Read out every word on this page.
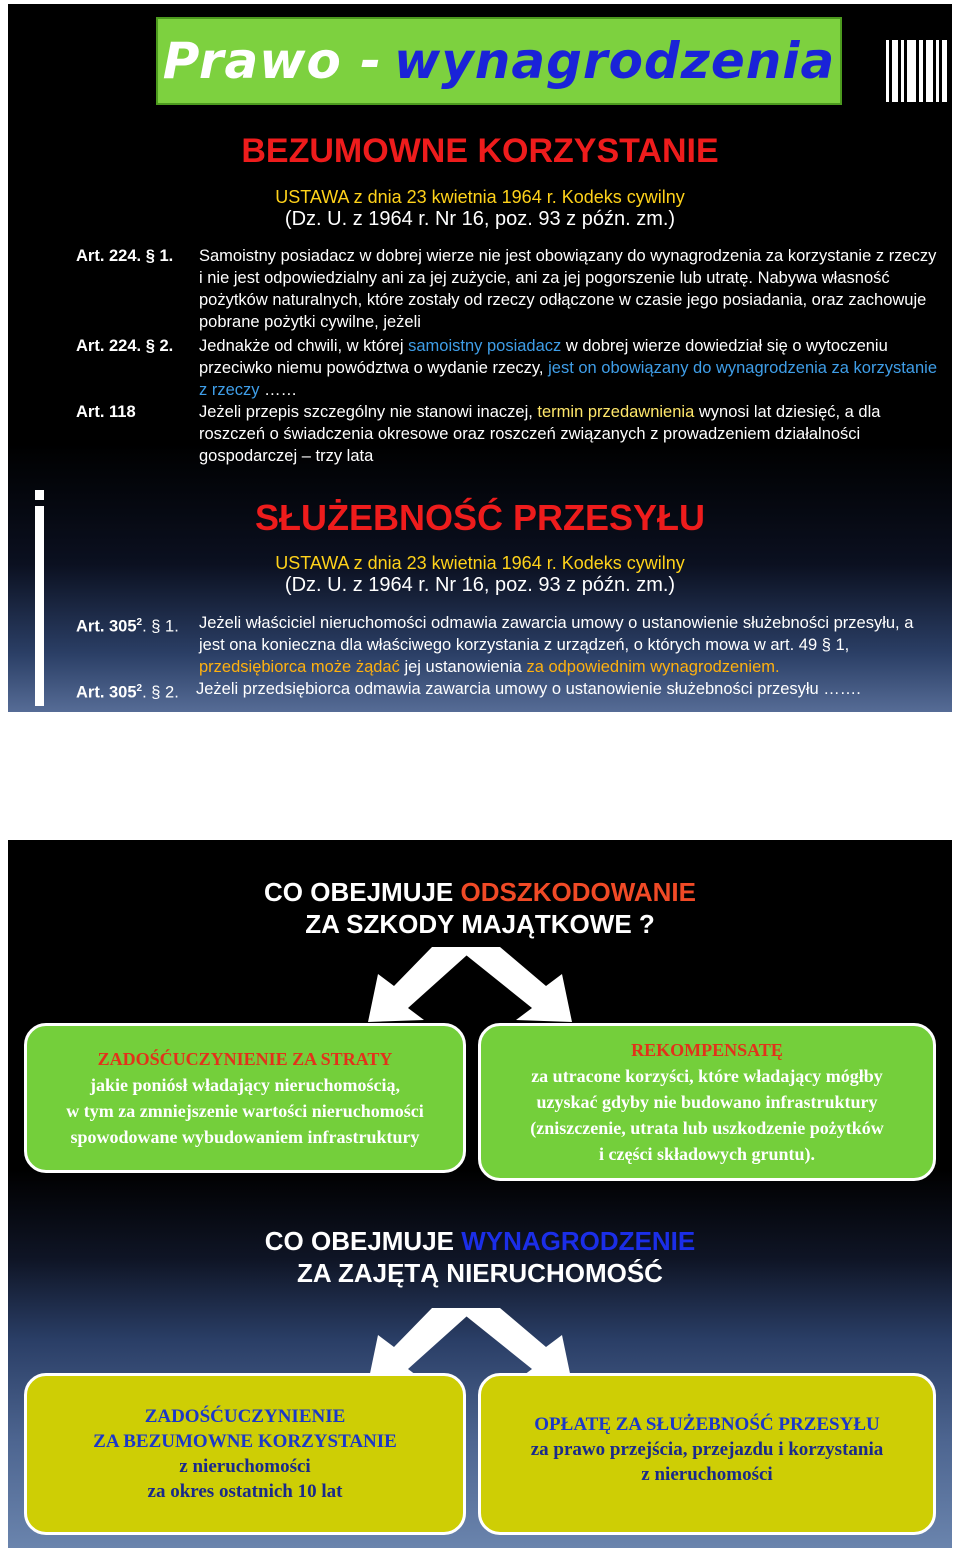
Prawo - wynagrodzenia
BEZUMOWNE KORZYSTANIE
USTAWA z dnia 23 kwietnia 1964 r. Kodeks cywilny
(Dz. U. z 1964 r. Nr 16, poz. 93 z późn. zm.)
Art. 224. § 1. Samoistny posiadacz w dobrej wierze nie jest obowiązany do wynagrodzenia za korzystanie z rzeczy i nie jest odpowiedzialny ani za jej zużycie, ani za jej pogorszenie lub utratę. Nabywa własność pożytków naturalnych, które zostały od rzeczy odłączone w czasie jego posiadania, oraz zachowuje pobrane pożytki cywilne, jeżeli
Art. 224. § 2. Jednakże od chwili, w której samoistny posiadacz w dobrej wierze dowiedział się o wytoczeniu przeciwko niemu powództwa o wydanie rzeczy, jest on obowiązany do wynagrodzenia za korzystanie z rzeczy ……
Art. 118	Jeżeli przepis szczególny nie stanowi inaczej, termin przedawnienia wynosi lat dziesięć, a dla roszczeń o świadczenia okresowe oraz roszczeń związanych z prowadzeniem działalności gospodarczej – trzy lata
SŁUŻEBNOŚĆ PRZESYŁU
USTAWA z dnia 23 kwietnia 1964 r. Kodeks cywilny
(Dz. U. z 1964 r. Nr 16, poz. 93 z późn. zm.)
Art. $305^2$. § 1. Jeżeli właściciel nieruchomości odmawia zawarcia umowy o ustanowienie służebności przesyłu, a jest ona konieczna dla właściwego korzystania z urządzeń, o których mowa w art. 49 § 1, przedsiębiorca może żądać jej ustanowienia za odpowiednim wynagrodzeniem.
Art. $305^2$. § 2. Jeżeli przedsiębiorca odmawia zawarcia umowy o ustanowienie służebności przesyłu …….
CO OBEJMUJE ODSZKODOWANIE
ZA SZKODY MAJĄTKOWE ?
ZADOŚĆUCZYNIENIE ZA STRATY
jakie poniósł władający nieruchomością,
w tym za zmniejszenie wartości nieruchomości
spowodowane wybudowaniem infrastruktury
REKOMPENSATĘ
za utracone korzyści, które władający mógłby
uzyskać gdyby nie budowano infrastruktury
(zniszczenie, utrata lub uszkodzenie pożytków
i części składowych gruntu).
CO OBEJMUJE WYNAGRODZENIE
ZA ZAJĘTĄ NIERUCHOMOŚĆ
ZADOŚĆUCZYNIENIE
ZA BEZUMOWNE KORZYSTANIE
z nieruchomości
za okres ostatnich 10 lat
OPŁATĘ ZA SŁUŻEBNOŚĆ PRZESYŁU
za prawo przejścia, przejazdu i korzystania
z nieruchomości
